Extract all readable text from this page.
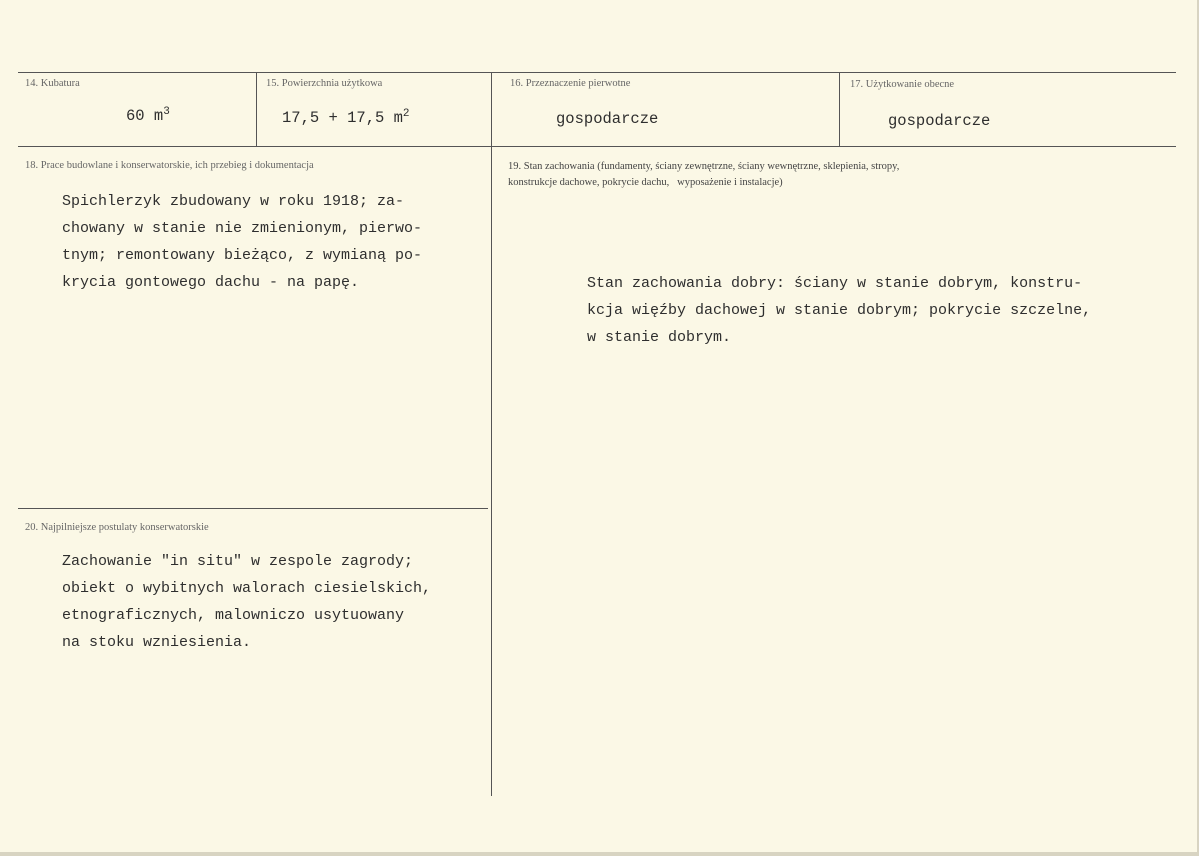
14. Kubatura
60 $m^3$
15. Powierzchnia użytkowa
17,5 + 17,5 $m^2$
16. Przeznaczenie pierwotne
gospodarcze
17. Użytkowanie obecne
gospodarcze
18. Prace budowlane i konserwatorskie, ich przebieg i dokumentacja
Spichlerzyk zbudowany w roku 1918; za-
chowany w stanie nie zmienionym, pierwo-
tnym; remontowany bieżąco, z wymianą po-
krycia gontowego dachu - na papę.
19. Stan zachowania (fundamenty, ściany zewnętrzne, ściany wewnętrzne, sklepienia, stropy,
konstrukcje dachowe, pokrycie dachu,   wyposażenie i instalacje)
Stan zachowania dobry: ściany w stanie dobrym, konstru-
kcja więźby dachowej w stanie dobrym; pokrycie szczelne,
w stanie dobrym.
20. Najpilniejsze postulaty konserwatorskie
Zachowanie "in situ" w zespole zagrody;
obiekt o wybitnych walorach ciesielskich,
etnograficznych, malowniczo usytuowany
na stoku wzniesienia.
